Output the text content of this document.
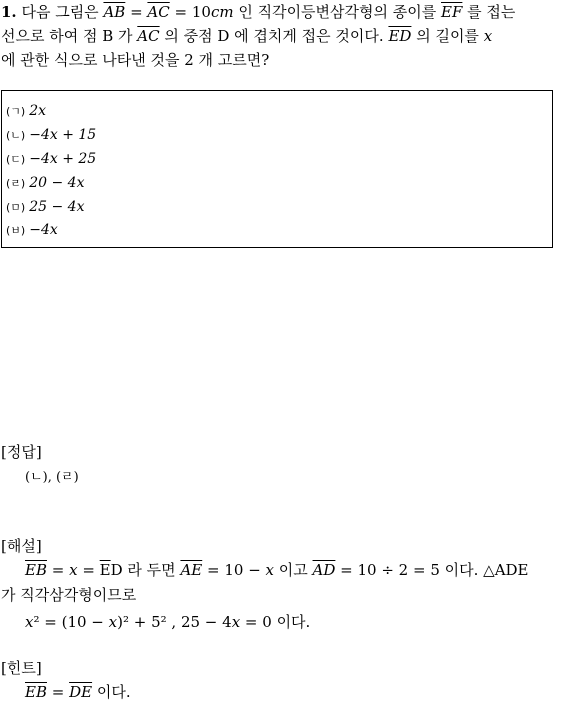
1. 다음 그림은 $\overline{AB} = \overline{AC} = 10cm$ 인 직각이등변삼각형의 종이를 $\overline{EF}$ 를 접는
선으로 하여 점 B 가 $\overline{AC}$ 의 중점 D 에 겹치게 접은 것이다. $\overline{ED}$ 의 길이를 x
에 관한 식으로 나타낸 것을 2 개 고르면?
(ㄱ) 2x
(ㄴ) −4x + 15
(ㄷ) −4x + 25
(ㄹ) 20 − 4x
(ㅁ) 25 − 4x
(ㅂ) −4x
[정답]
(ㄴ), (ㄹ)
[해설]
$\overline{EB} = x = \overline{E}D$ 라 두면 $\overline{AE} = 10 - x$ 이고 $\overline{AD} = 10 \div 2 = 5$ 이다. △ADE
가 직각삼각형이므로
x² = (10 − x)² + 5² , 25 − 4x = 0 이다.
[힌트]
$\overline{EB} = \overline{DE}$ 이다.
